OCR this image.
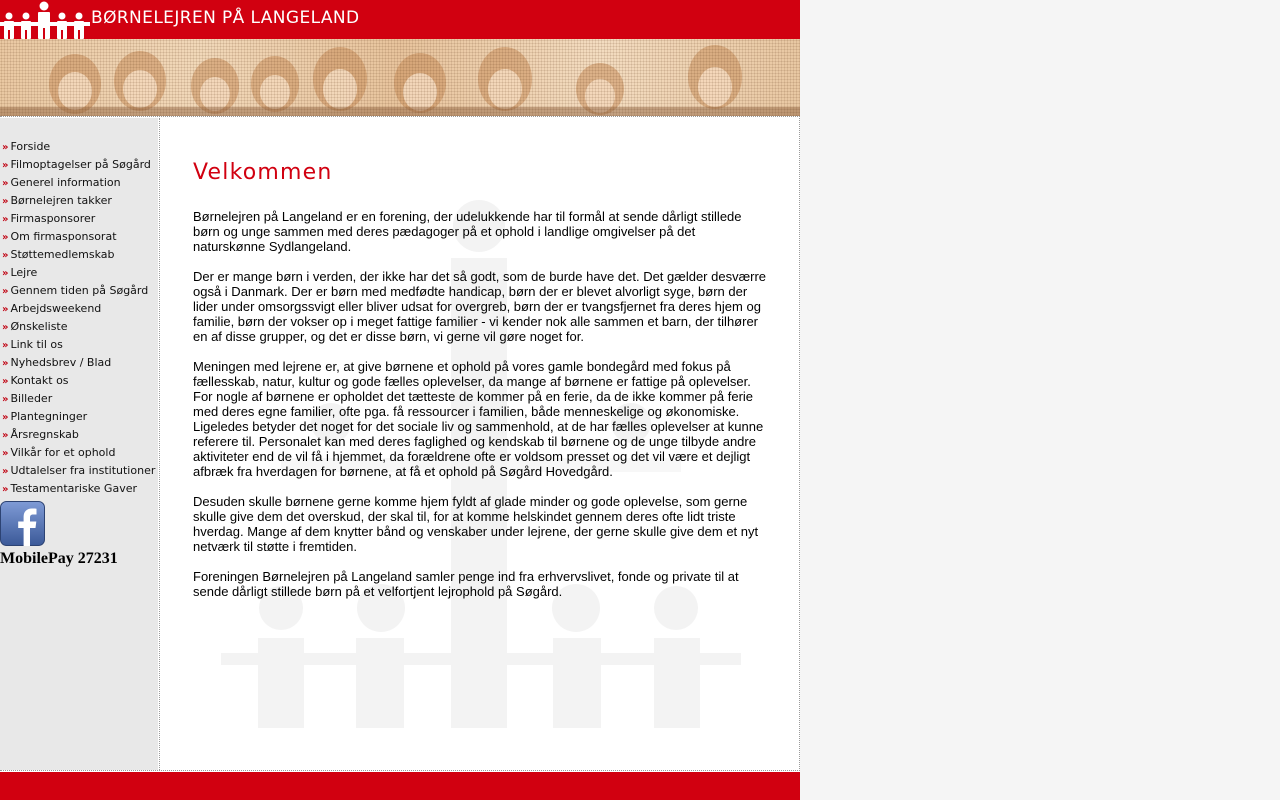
BØRNELEJREN PÅ LANGELAND
» Forside
» Filmoptagelser på Søgård
» Generel information
» Børnelejren takker
» Firmasponsorer
» Om firmasponsorat
» Støttemedlemskab
» Lejre
» Gennem tiden på Søgård
» Arbejdsweekend
» Ønskeliste
» Link til os
» Nyhedsbrev / Blad
» Kontakt os
» Billeder
» Plantegninger
» Årsregnskab
» Vilkår for et ophold
» Udtalelser fra institutioner
» Testamentariske Gaver
MobilePay 27231
Velkommen

Børnelejren på Langeland er en forening, der udelukkende har til formål at sende dårligt stillede børn og unge sammen med deres pædagoger på et ophold i landlige omgivelser på det naturskønne Sydlangeland.

Der er mange børn i verden, der ikke har det så godt, som de burde have det. Det gælder desværre også i Danmark. Der er børn med medfødte handicap, børn der er blevet alvorligt syge, børn der lider under omsorgssvigt eller bliver udsat for overgreb, børn der er tvangsfjernet fra deres hjem og familie, børn der vokser op i meget fattige familier - vi kender nok alle sammen et barn, der tilhører en af disse grupper, og det er disse børn, vi gerne vil gøre noget for.

Meningen med lejrene er, at give børnene et ophold på vores gamle bondegård med fokus på fællesskab, natur, kultur og gode fælles oplevelser, da mange af børnene er fattige på oplevelser. For nogle af børnene er opholdet det tætteste de kommer på en ferie, da de ikke kommer på ferie med deres egne familier, ofte pga. få ressourcer i familien, både menneskelige og økonomiske. Ligeledes betyder det noget for det sociale liv og sammenhold, at de har fælles oplevelser at kunne referere til. Personalet kan med deres faglighed og kendskab til børnene og de unge tilbyde andre aktiviteter end de vil få i hjemmet, da forældrene ofte er voldsom presset og det vil være et dejligt afbræk fra hverdagen for børnene, at få et ophold på Søgård Hovedgård.

Desuden skulle børnene gerne komme hjem fyldt af glade minder og gode oplevelse, som gerne skulle give dem det overskud, der skal til, for at komme helskindet gennem deres ofte lidt triste hverdag. Mange af dem knytter bånd og venskaber under lejrene, der gerne skulle give dem et nyt netværk til støtte i fremtiden.

Foreningen Børnelejren på Langeland samler penge ind fra erhvervslivet, fonde og private til at sende dårligt stillede børn på et velfortjent lejrophold på Søgård.
